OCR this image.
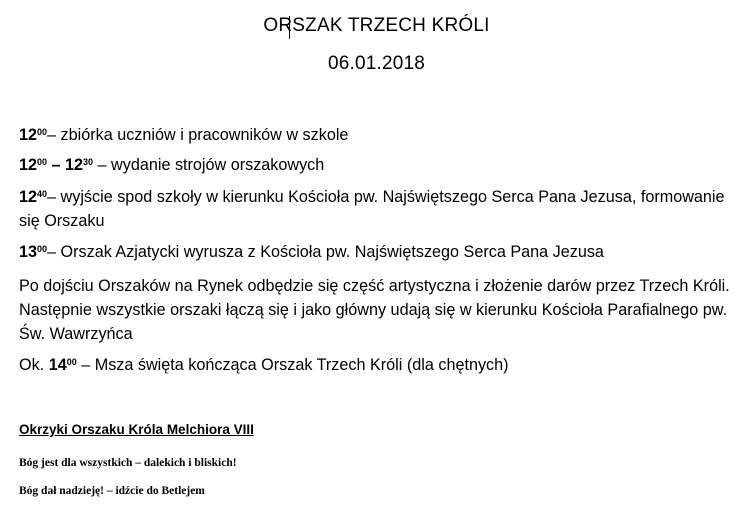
ORSZAK TRZECH KRÓLI
06.01.2018
$12^{00}-$ zbiórka uczniów i pracowników w szkole
$12^{00} - 12^{30}$ – wydanie strojów orszakowych
$12^{40}-$ wyjście spod szkoły w kierunku Kościoła pw. Najświętszego Serca Pana Jezusa, formowanie się Orszaku
$13^{00}-$ Orszak Azjatycki wyrusza z Kościoła pw. Najświętszego Serca Pana Jezusa
Po dojściu Orszaków na Rynek odbędzie się część artystyczna i złożenie darów przez Trzech Króli. Następnie wszystkie orszaki łączą się i jako główny udają się w kierunku Kościoła Parafialnego pw. Św. Wawrzyńca
Ok. $14^{00}$ – Msza święta kończąca Orszak Trzech Króli (dla chętnych)
Okrzyki Orszaku Króla Melchiora VIII
Bóg jest dla wszystkich – dalekich i bliskich!
Bóg dał nadzieję! – idźcie do Betlejem
